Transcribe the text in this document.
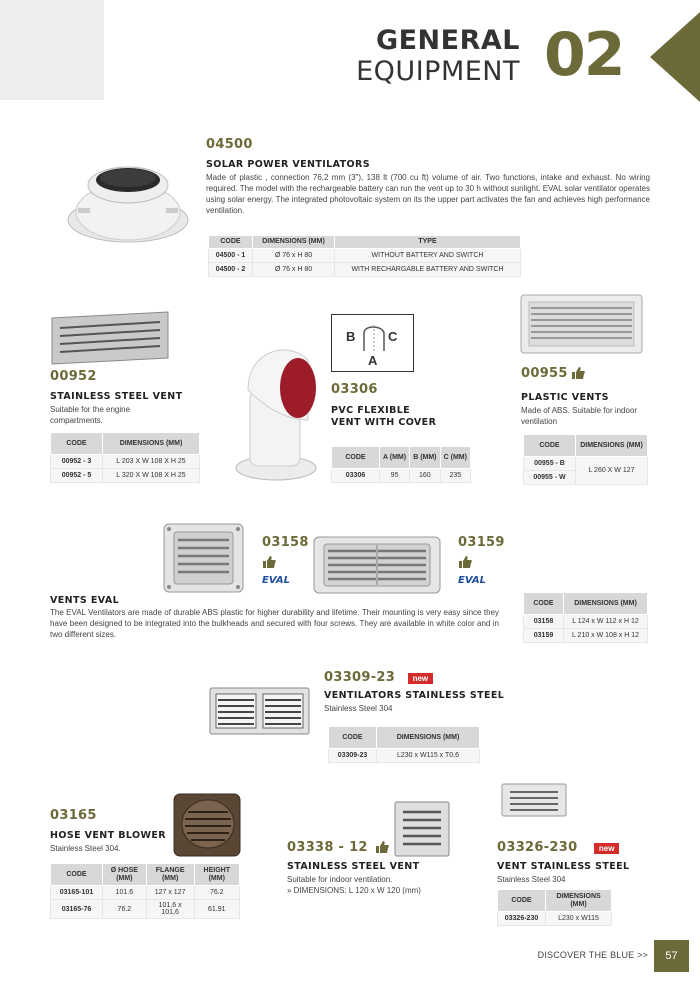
GENERAL
EQUIPMENT 02
04500
SOLAR POWER VENTILATORS
Made of plastic , connection 76,2 mm (3"), 138 lt (700 cu ft) volume of air. Two functions, intake and exhaust. No wiring required. The model with the rechargeable battery can run the vent up to 30 h without sunlight. EVAL solar ventilator operates using solar energy. The integrated photovoltaic system on its the upper part activates the fan and achieves high performance ventilation.
CODE	DIMENSIONS (MM)	TYPE
04500 - 1	Ø 76 x H 80	WITHOUT BATTERY AND SWITCH
04500 - 2	Ø 76 x H 80	WITH RECHARGABLE BATTERY AND SWITCH
00952
STAINLESS STEEL VENT
Suitable for the engine compartments.
CODE	DIMENSIONS (MM)
00952 - 3	L 203 X W 108 X H 25
00952 - 5	L 320 X W 108 X H 25
B	C
A
03306
PVC FLEXIBLE VENT WITH COVER
CODE	A (MM)	B (MM)	C (MM)
03306	95	160	235
00955
PLASTIC VENTS
Made of ABS. Suitable for indoor ventilation
CODE	DIMENSIONS (MM)
00955 - B	L 260 X W 127
00955 - W	
03158
EVAL
03159
EVAL
VENTS EVAL
The EVAL Ventilators are made of durable ABS plastic for higher durability and lifetime. Their mounting is very easy since they have been designed to be integrated into the bulkheads and secured with four screws. They are available in white color and in two different sizes.
CODE	DIMENSIONS (MM)
03158	L 124 x W 112 x H 12
03159	L 210 x W 108 x H 12
03309-23 new
VENTILATORS STAINLESS STEEL
Stainless Steel 304
CODE	DIMENSIONS (MM)
03309-23	L230 x W115 x T0,6
03165
HOSE VENT BLOWER
Stainless Steel 304.
CODE	Ø HOSE (MM)	FLANGE (MM)	HEIGHT (MM)
03165-101	101.6	127 x 127	76.2
03165-76	76.2	101,6 x 101,6	61.91
03338 - 12
STAINLESS STEEL VENT
Suitable for indoor ventilation.
» DIMENSIONS: L 120 x W 120 (mm)
03326-230	new
VENT STAINLESS STEEL
Stainless Steel 304
CODE	DIMENSIONS (MM)
03326-230	L230 x W115
DISCOVER THE BLUE >>	57
